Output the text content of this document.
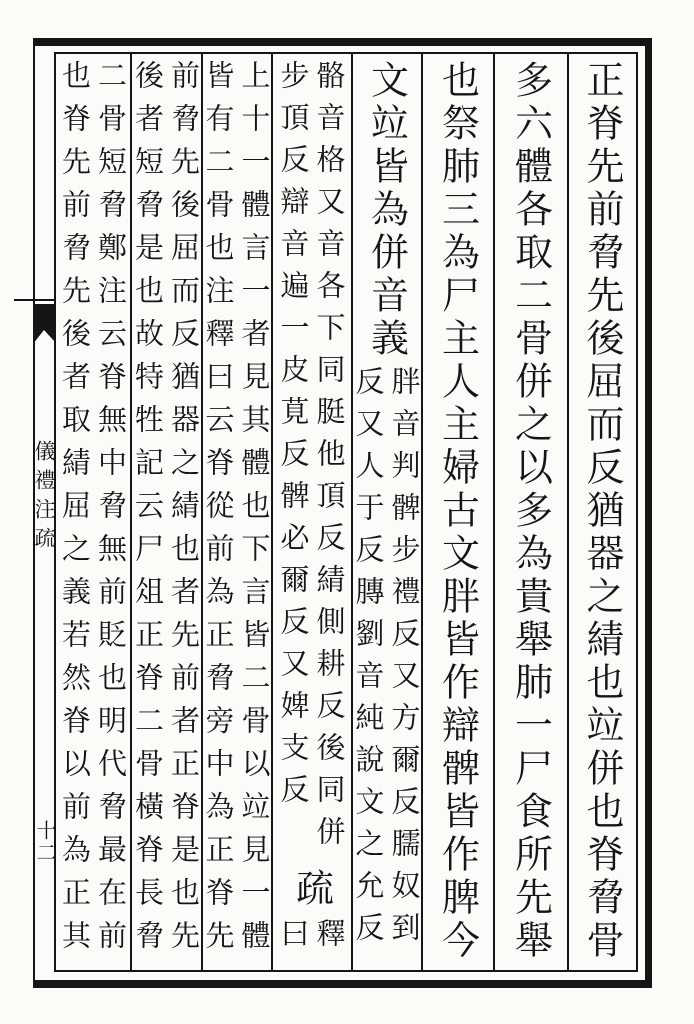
儀禮注疏
十二	正脊先前脅先後屈而反猶器之綪也竝併也脊脅骨
多六體各取二骨併之以多為貴舉肺一尸食所先舉
也祭肺三為尸主人主婦古文胖皆作辯髀皆作脾今
文竝皆為併音義
胖音判髀步禮反又方爾反臑奴到
反又人于反膞劉音純說文之允反
骼音格又音各下同脡他頂反綪側耕反後同併
步頂反辯音遍一皮莧反髀必爾反又婢支反
疏
釋
曰
上十一體言一者見其體也下言皆二骨以竝見一體
皆有二骨也注釋曰云脊從前為正脅旁中為正脊先
前脅先後屈而反猶器之綪也者先前者正脊是也先
後者短脅是也故特牲記云尸俎正脊二骨橫脊長脅
二骨短脅鄭注云脊無中脅無前貶也明代脅最在前
也脊先前脅先後者取綪屈之義若然脊以前為正其
